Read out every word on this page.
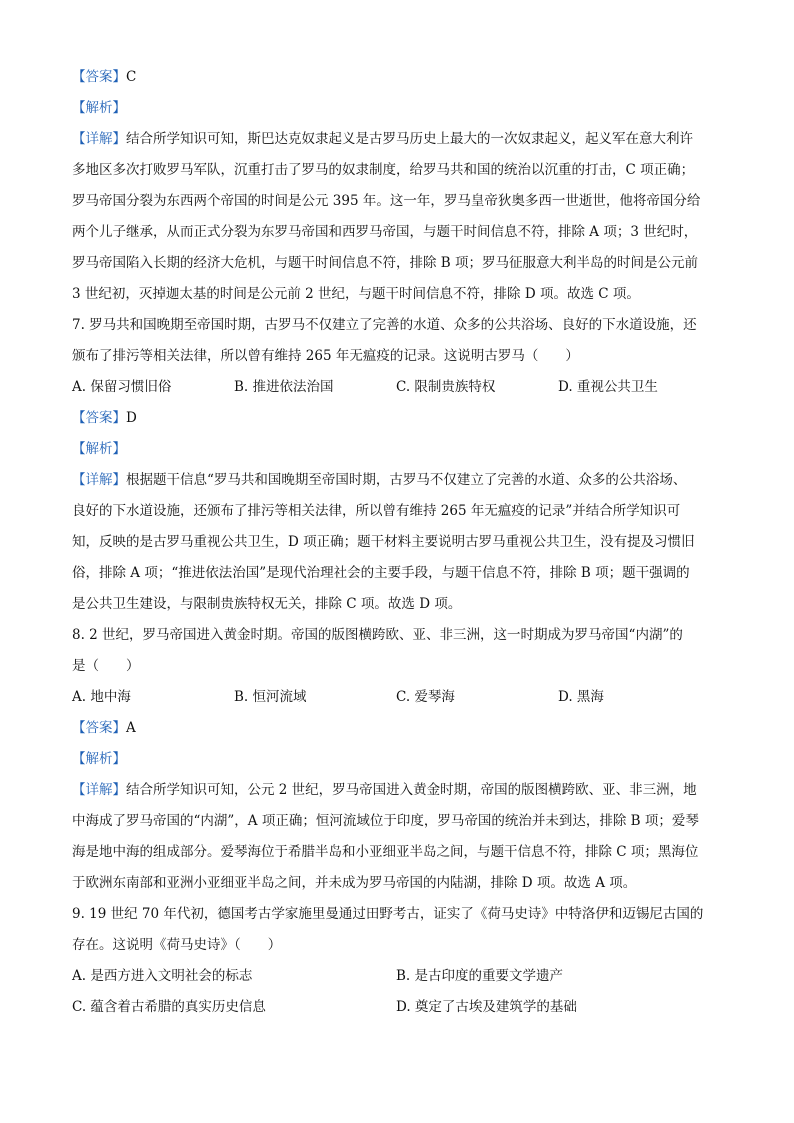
【答案】C
【解析】
【详解】结合所学知识可知，斯巴达克奴隶起义是古罗马历史上最大的一次奴隶起义，起义军在意大利许
多地区多次打败罗马军队，沉重打击了罗马的奴隶制度，给罗马共和国的统治以沉重的打击，C 项正确；
罗马帝国分裂为东西两个帝国的时间是公元 395 年。这一年，罗马皇帝狄奥多西一世逝世，他将帝国分给
两个儿子继承，从而正式分裂为东罗马帝国和西罗马帝国，与题干时间信息不符，排除 A 项；3 世纪时，
罗马帝国陷入长期的经济大危机，与题干时间信息不符，排除 B 项；罗马征服意大利半岛的时间是公元前
3 世纪初，灭掉迦太基的时间是公元前 2 世纪，与题干时间信息不符，排除 D 项。故选 C 项。
7. 罗马共和国晚期至帝国时期，古罗马不仅建立了完善的水道、众多的公共浴场、良好的下水道设施，还
颁布了排污等相关法律，所以曾有维持 265 年无瘟疫的记录。这说明古罗马（　　）
A. 保留习惯旧俗	B. 推进依法治国	C. 限制贵族特权	D. 重视公共卫生
【答案】D
【解析】
【详解】根据题干信息“罗马共和国晚期至帝国时期，古罗马不仅建立了完善的水道、众多的公共浴场、
良好的下水道设施，还颁布了排污等相关法律，所以曾有维持 265 年无瘟疫的记录”并结合所学知识可
知，反映的是古罗马重视公共卫生，D 项正确；题干材料主要说明古罗马重视公共卫生，没有提及习惯旧
俗，排除 A 项；“推进依法治国”是现代治理社会的主要手段，与题干信息不符，排除 B 项；题干强调的
是公共卫生建设，与限制贵族特权无关，排除 C 项。故选 D 项。
8. 2 世纪，罗马帝国进入黄金时期。帝国的版图横跨欧、亚、非三洲，这一时期成为罗马帝国“内湖”的
是（　　）
A. 地中海	B. 恒河流域	C. 爱琴海	D. 黑海
【答案】A
【解析】
【详解】结合所学知识可知，公元 2 世纪，罗马帝国进入黄金时期，帝国的版图横跨欧、亚、非三洲，地
中海成了罗马帝国的“内湖”，A 项正确；恒河流域位于印度，罗马帝国的统治并未到达，排除 B 项；爱琴
海是地中海的组成部分。爱琴海位于希腊半岛和小亚细亚半岛之间，与题干信息不符，排除 C 项；黑海位
于欧洲东南部和亚洲小亚细亚半岛之间，并未成为罗马帝国的内陆湖，排除 D 项。故选 A 项。
9. 19 世纪 70 年代初，德国考古学家施里曼通过田野考古，证实了《荷马史诗》中特洛伊和迈锡尼古国的
存在。这说明《荷马史诗》（　　）
A. 是西方进入文明社会的标志	B. 是古印度的重要文学遗产
C. 蕴含着古希腊的真实历史信息	D. 奠定了古埃及建筑学的基础
